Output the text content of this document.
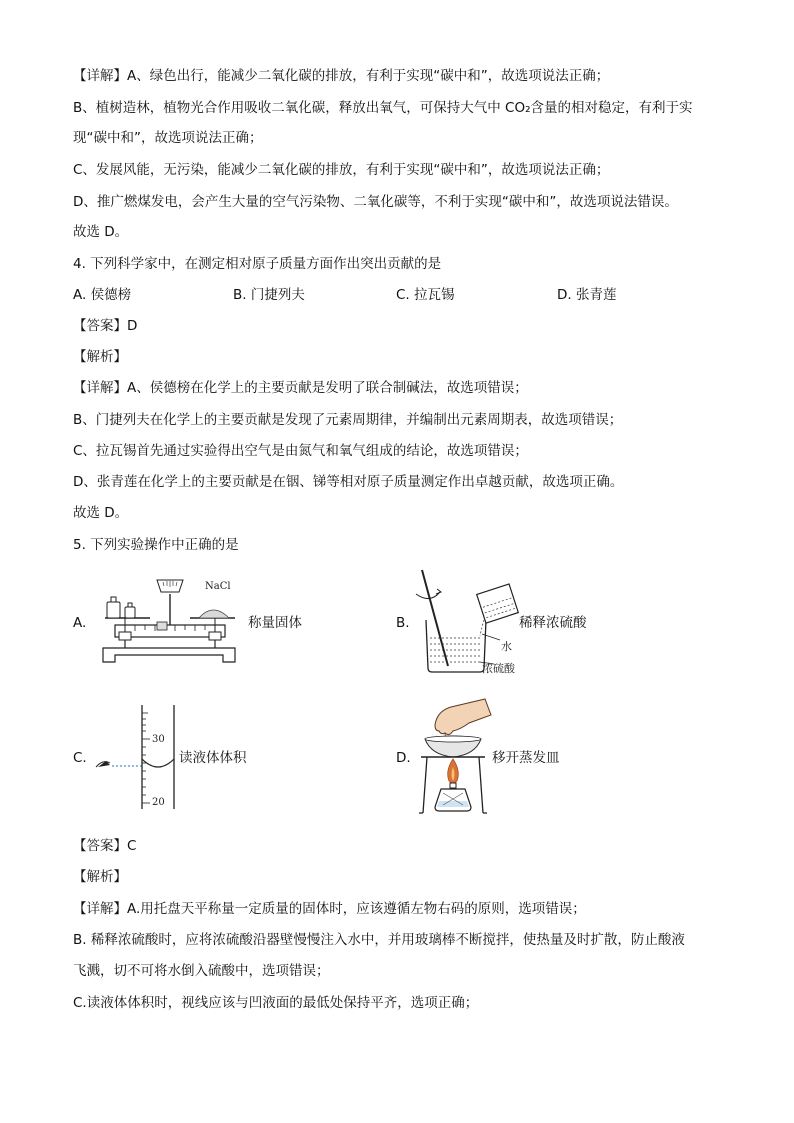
【详解】A、绿色出行，能减少二氧化碳的排放，有利于实现“碳中和”，故选项说法正确；
B、植树造林，植物光合作用吸收二氧化碳，释放出氧气，可保持大气中 CO₂含量的相对稳定，有利于实
现“碳中和”，故选项说法正确；
C、发展风能，无污染，能减少二氧化碳的排放，有利于实现“碳中和”，故选项说法正确；
D、推广燃煤发电，会产生大量的空气污染物、二氧化碳等，不利于实现“碳中和”，故选项说法错误。
故选 D。
4. 下列科学家中，在测定相对原子质量方面作出突出贡献的是
A. 侯德榜	B. 门捷列夫	C. 拉瓦锡	D. 张青莲
【答案】D
【解析】
【详解】A、侯德榜在化学上的主要贡献是发明了联合制碱法，故选项错误；
B、门捷列夫在化学上的主要贡献是发现了元素周期律，并编制出元素周期表，故选项错误；
C、拉瓦锡首先通过实验得出空气是由氮气和氧气组成的结论，故选项错误；
D、张青莲在化学上的主要贡献是在铟、锑等相对原子质量测定作出卓越贡献，故选项正确。
故选 D。
5. 下列实验操作中正确的是
A.
NaCl
称量固体	B.
水
浓硫酸
稀释浓硫酸
C.
30
20
读液体体积	D.	移开蒸发皿
【答案】C
【解析】
【详解】A.用托盘天平称量一定质量的固体时，应该遵循左物右码的原则，选项错误；
B. 稀释浓硫酸时，应将浓硫酸沿器壁慢慢注入水中，并用玻璃棒不断搅拌，使热量及时扩散，防止酸液
飞溅，切不可将水倒入硫酸中，选项错误；
C.读液体体积时，视线应该与凹液面的最低处保持平齐，选项正确；
